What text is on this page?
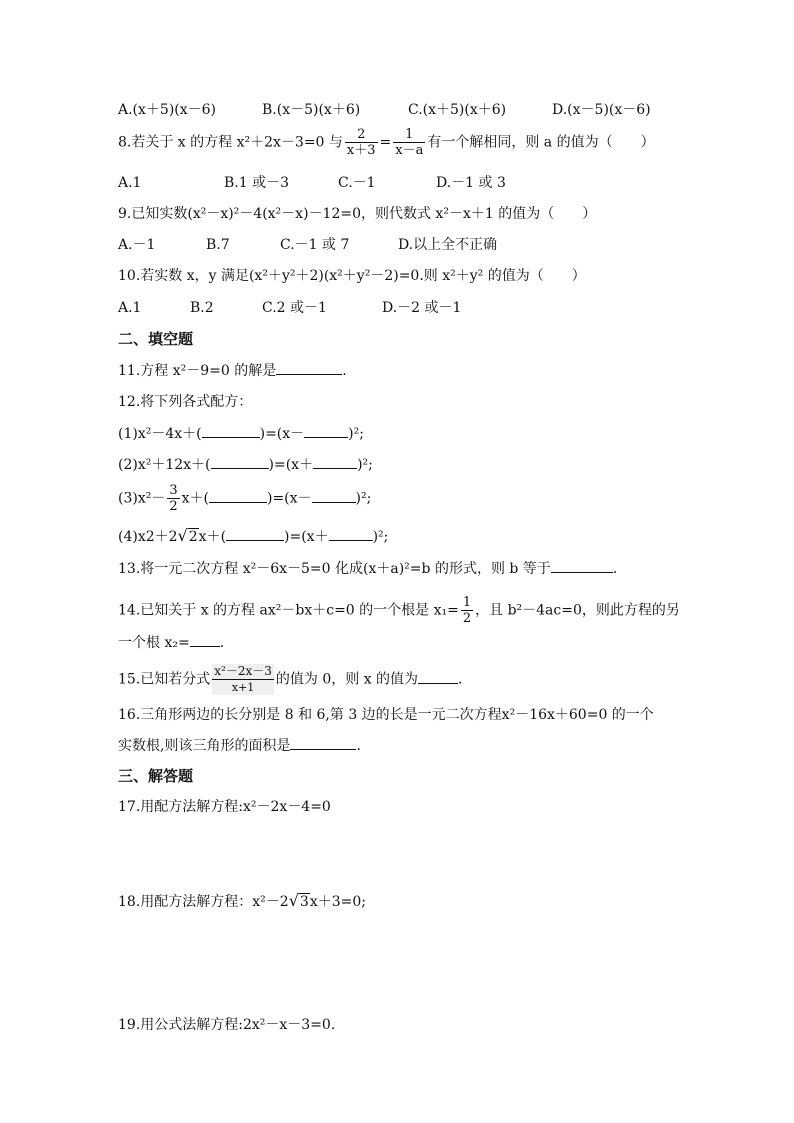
A.(x＋5)(x－6)	B.(x－5)(x＋6)	C.(x＋5)(x＋6)	D.(x－5)(x－6)
8.若关于 x 的方程 x²＋2x－3=0 与 $\frac{2}{x+3} = \frac{1}{x-a}$ 有一个解相同，则 a 的值为（　　）
A.1	B.1 或－3	C.－1	D.－1 或 3
9.已知实数(x²－x)²－4(x²－x)－12=0，则代数式 x²－x＋1 的值为（　　）
A.－1	B.7	C.－1 或 7	D.以上全不正确
10.若实数 x，y 满足(x²＋y²＋2)(x²＋y²－2)=0.则 x²＋y² 的值为（　　）
A.1	B.2	C.2 或－1	D.－2 或－1
二、填空题
11.方程 x²－9=0 的解是	.
12.将下列各式配方：
(1)x²－4x＋(	)=(x－	)²;
(2)x²＋12x＋(	)=(x＋	)²;
$(3)x^2- \frac{3}{2} x+$(	)=(x－	)²;
(4)x2＋2√2x＋(	)=(x＋	)²;
13.将一元二次方程 x²－6x－5=0 化成(x＋a)²=b 的形式，则 b 等于	.
14.已知关于 x 的方程 ax²－bx＋c=0 的一个根是 $x_1= \frac{1}{2}$ ，且 b²－4ac=0，则此方程的另
一个根 x₂= .
15.已知若分式 $\frac{\text{x²－2x－3}}{x+1}$ 的值为 0，则 x 的值为	.
16.三角形两边的长分别是 8 和 6,第 3 边的长是一元二次方程x²－16x＋60=0 的一个
实数根,则该三角形的面积是	.
三、解答题
17.用配方法解方程:x²－2x－4=0
18.用配方法解方程：x²－2√3x＋3=0;
19.用公式法解方程:2x²－x－3=0.
